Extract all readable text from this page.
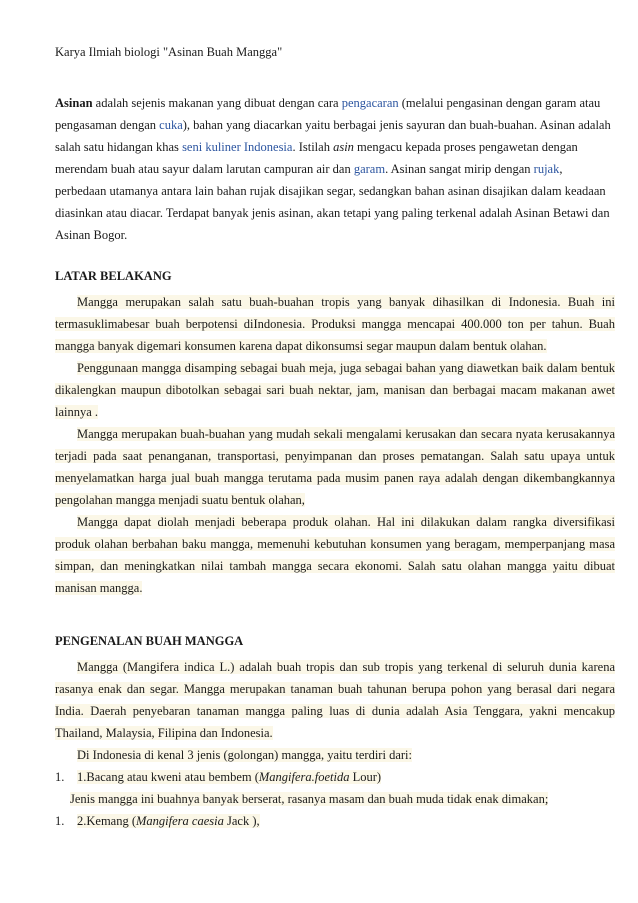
Karya Ilmiah biologi "Asinan Buah Mangga"

Asinan adalah sejenis makanan yang dibuat dengan cara pengacaran (melalui pengasinan dengan garam atau pengasaman dengan cuka), bahan yang diacarkan yaitu berbagai jenis sayuran dan buah-buahan. Asinan adalah salah satu hidangan khas seni kuliner Indonesia. Istilah asin mengacu kepada proses pengawetan dengan merendam buah atau sayur dalam larutan campuran air dan garam. Asinan sangat mirip dengan rujak, perbedaan utamanya antara lain bahan rujak disajikan segar, sedangkan bahan asinan disajikan dalam keadaan diasinkan atau diacar. Terdapat banyak jenis asinan, akan tetapi yang paling terkenal adalah Asinan Betawi dan Asinan Bogor.

LATAR BELAKANG

Mangga merupakan salah satu buah-buahan tropis yang banyak dihasilkan di Indonesia. Buah ini termasuklimabesar buah berpotensi diIndonesia. Produksi mangga mencapai 400.000 ton per tahun. Buah mangga banyak digemari konsumen karena dapat dikonsumsi segar maupun dalam bentuk olahan.

Penggunaan mangga disamping sebagai buah meja, juga sebagai bahan yang diawetkan baik dalam bentuk dikalengkan maupun dibotolkan sebagai sari buah nektar, jam, manisan dan berbagai macam makanan awet lainnya .

Mangga merupakan buah-buahan yang mudah sekali mengalami kerusakan dan secara nyata kerusakannya terjadi pada saat penanganan, transportasi, penyimpanan dan proses pematangan. Salah satu upaya untuk menyelamatkan harga jual buah mangga terutama pada musim panen raya adalah dengan dikembangkannya pengolahan mangga menjadi suatu bentuk olahan,

Mangga dapat diolah menjadi beberapa produk olahan. Hal ini dilakukan dalam rangka diversifikasi produk olahan berbahan baku mangga, memenuhi kebutuhan konsumen yang beragam, memperpanjang masa simpan, dan meningkatkan nilai tambah mangga secara ekonomi. Salah satu olahan mangga yaitu dibuat manisan mangga.

PENGENALAN BUAH MANGGA

Mangga (Mangifera indica L.) adalah buah tropis dan sub tropis yang terkenal di seluruh dunia karena rasanya enak dan segar. Mangga merupakan tanaman buah tahunan berupa pohon yang berasal dari negara India. Daerah penyebaran tanaman mangga paling luas di dunia adalah Asia Tenggara, yakni mencakup Thailand, Malaysia, Filipina dan Indonesia.

Di Indonesia di kenal 3 jenis (golongan) mangga, yaitu terdiri dari:

1. 1.Bacang atau kweni atau bembem (Mangifera.foetida Lour)
Jenis mangga ini buahnya banyak berserat, rasanya masam dan buah muda tidak enak dimakan;
1. 2.Kemang (Mangifera caesia Jack ),
